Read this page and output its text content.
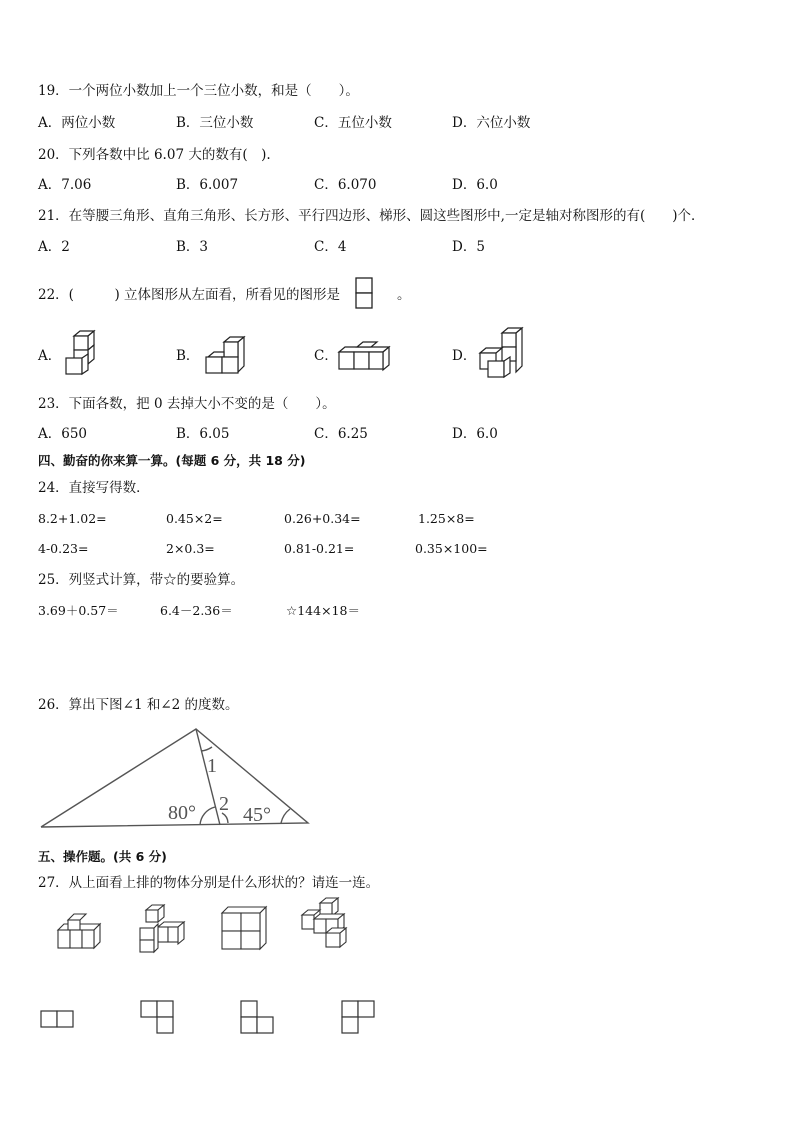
19．一个两位小数加上一个三位小数，和是（　　）。
A．两位小数	B．三位小数	C．五位小数	D．六位小数
20．下列各数中比 6.07 大的数有(　).
A．7.06	B．6.007	C．6.070	D．6.0
21．在等腰三角形、直角三角形、长方形、平行四边形、梯形、圆这些图形中,一定是轴对称图形的有(　　)个．
A．2	B．3	C．4	D．5
22．(　　　) 立体图形从左面看，所看见的图形是	。
A．	B．	C．	D．
23．下面各数，把 0 去掉大小不变的是（　　）。
A．650	B．6.05	C．6.25	D．6.0
四、勤奋的你来算一算。(每题 6 分，共 18 分)
24．直接写得数．
8.2+1.02=	0.45×2=	0.26+0.34=	1.25×8=
4-0.23=	2×0.3=	0.81-0.21=	0.35×100=
25．列竖式计算，带☆的要验算。
3.69＋0.57＝	6.4－2.36＝	☆144×18＝
26．算出下图∠1 和∠2 的度数。
1
2
80° 45°
五、操作题。(共 6 分)
27．从上面看上排的物体分别是什么形状的？请连一连。
